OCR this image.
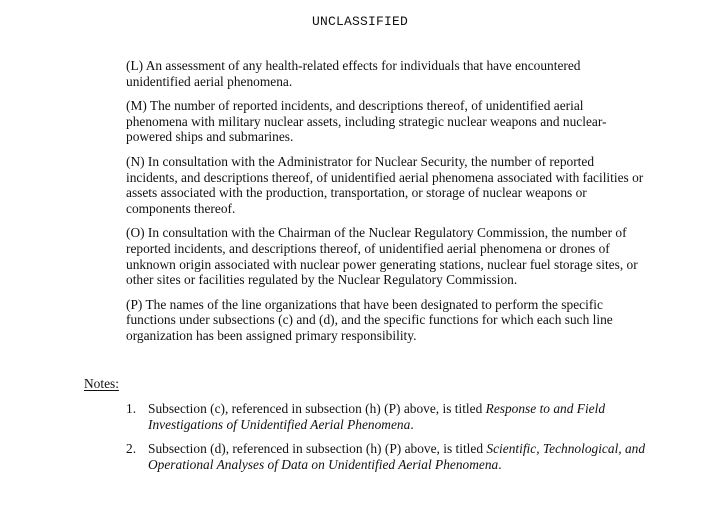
UNCLASSIFIED

(L) An assessment of any health-related effects for individuals that have encountered unidentified aerial phenomena.

(M) The number of reported incidents, and descriptions thereof, of unidentified aerial phenomena with military nuclear assets, including strategic nuclear weapons and nuclear-powered ships and submarines.

(N) In consultation with the Administrator for Nuclear Security, the number of reported incidents, and descriptions thereof, of unidentified aerial phenomena associated with facilities or assets associated with the production, transportation, or storage of nuclear weapons or components thereof.

(O) In consultation with the Chairman of the Nuclear Regulatory Commission, the number of reported incidents, and descriptions thereof, of unidentified aerial phenomena or drones of unknown origin associated with nuclear power generating stations, nuclear fuel storage sites, or other sites or facilities regulated by the Nuclear Regulatory Commission.

(P) The names of the line organizations that have been designated to perform the specific functions under subsections (c) and (d), and the specific functions for which each such line organization has been assigned primary responsibility.

Notes:
1. Subsection (c), referenced in subsection (h) (P) above, is titled Response to and Field Investigations of Unidentified Aerial Phenomena.
2. Subsection (d), referenced in subsection (h) (P) above, is titled Scientific, Technological, and Operational Analyses of Data on Unidentified Aerial Phenomena.
